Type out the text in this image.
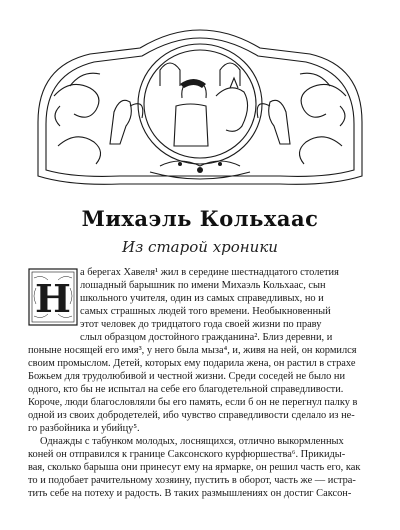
Михаэль Кольхаас
Из старой хроники
Н
а берегах Хавеля¹ жил в середине шестнадцатого столетия
лошадный барышник по имени Михаэль Кольхаас, сын
школьного учителя, один из самых справедливых, но и
самых страшных людей того времени. Необыкновенный
этот человек до тридцатого года своей жизни по праву
слыл образцом достойного гражданина². Близ деревни, и
поныне носящей его имя³, у него была мыза⁴, и, живя на ней, он кормился
своим промыслом. Детей, которых ему подарила жена, он растил в страхе
Божьем для трудолюбивой и честной жизни. Среди соседей не было ни
одного, кто бы не испытал на себе его благодетельной справедливости.
Короче, люди благословляли бы его память, если б он не перегнул палку в
одной из своих добродетелей, ибо чувство справедливости сделало из не-
го разбойника и убийцу⁵.
Однажды с табунком молодых, лоснящихся, отлично выкормленных
коней он отправился к границе Саксонского курфюршества⁶. Прикиды-
вая, сколько барыша они принесут ему на ярмарке, он решил часть его, как
то и подобает рачительному хозяину, пустить в оборот, часть же — истра-
тить себе на потеху и радость. В таких размышлениях он достиг Саксон-
